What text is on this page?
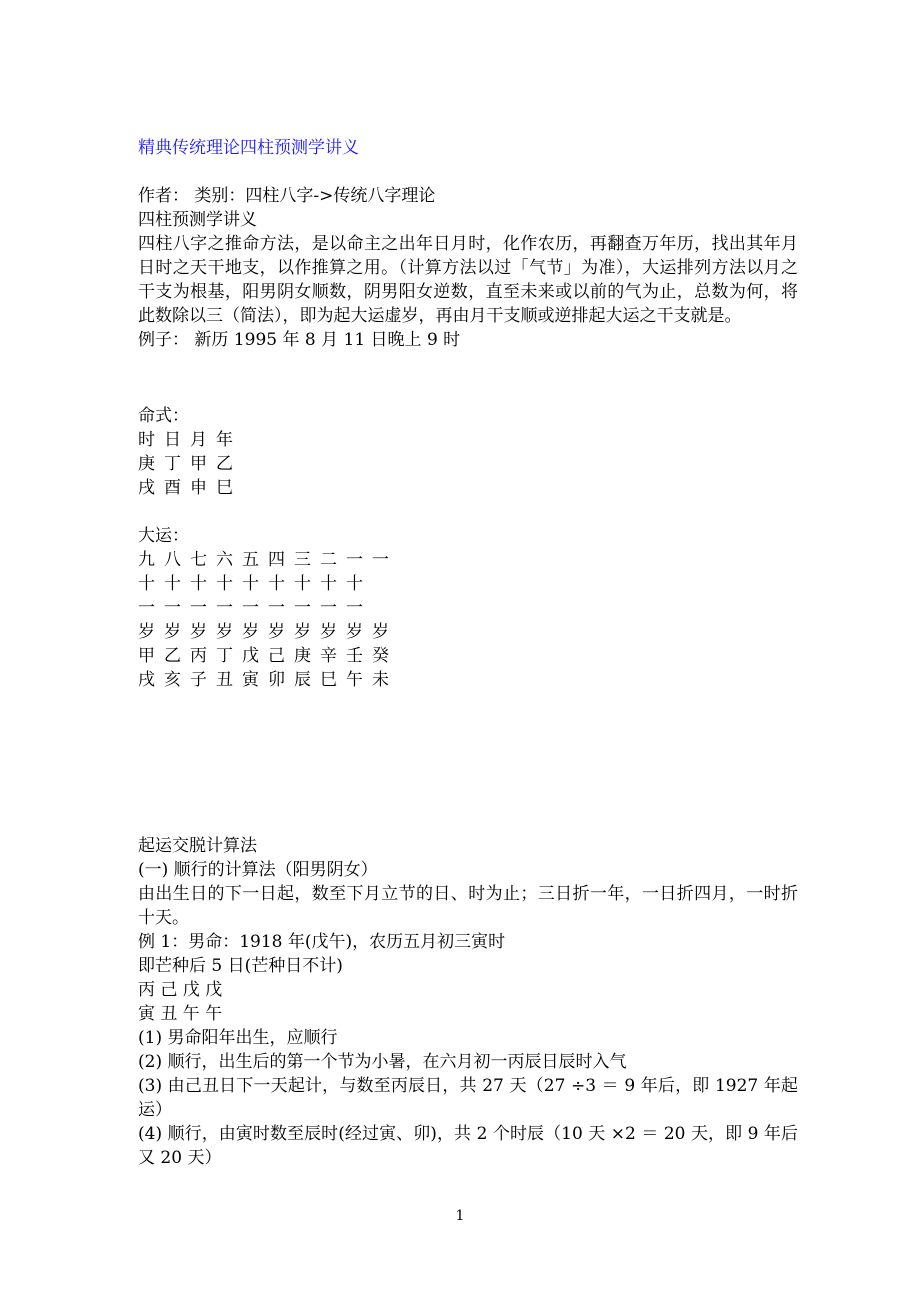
精典传统理论四柱预测学讲义
作者： 类别：四柱八字->传统八字理论
四柱预测学讲义
四柱八字之推命方法，是以命主之出年日月时，化作农历，再翻查万年历，找出其年月日时之天干地支，以作推算之用。（计算方法以过「气节」为准），大运排列方法以月之干支为根基，阳男阴女顺数，阴男阳女逆数，直至未来或以前的气为止，总数为何，将此数除以三（简法），即为起大运虚岁，再由月干支顺或逆排起大运之干支就是。
例子： 新历 1995 年 8 月 11 日晚上 9 时
命式：
时 日 月 年
庚 丁 甲 乙
戌 酉 申 巳
大运：
九 八 七 六 五 四 三 二 一 一
十 十 十 十 十 十 十 十 十
一 一 一 一 一 一 一 一 一
岁 岁 岁 岁 岁 岁 岁 岁 岁 岁
甲 乙 丙 丁 戊 己 庚 辛 壬 癸
戌 亥 子 丑 寅 卯 辰 巳 午 未
起运交脱计算法
(一) 顺行的计算法（阳男阴女）
由出生日的下一日起，数至下月立节的日、时为止；三日折一年，一日折四月，一时折十天。
例 1：男命：1918 年(戊午)，农历五月初三寅时
即芒种后 5 日(芒种日不计)
丙 己 戊 戊
寅 丑 午 午
(1) 男命阳年出生，应顺行
(2) 顺行，出生后的第一个节为小暑，在六月初一丙辰日辰时入气
(3) 由己丑日下一天起计，与数至丙辰日，共 27 天（27 ÷3 ＝ 9 年后，即 1927 年起运）
(4) 顺行，由寅时数至辰时(经过寅、卯)，共 2 个时辰（10 天 ×2 ＝ 20 天，即 9 年后又 20 天）
1
